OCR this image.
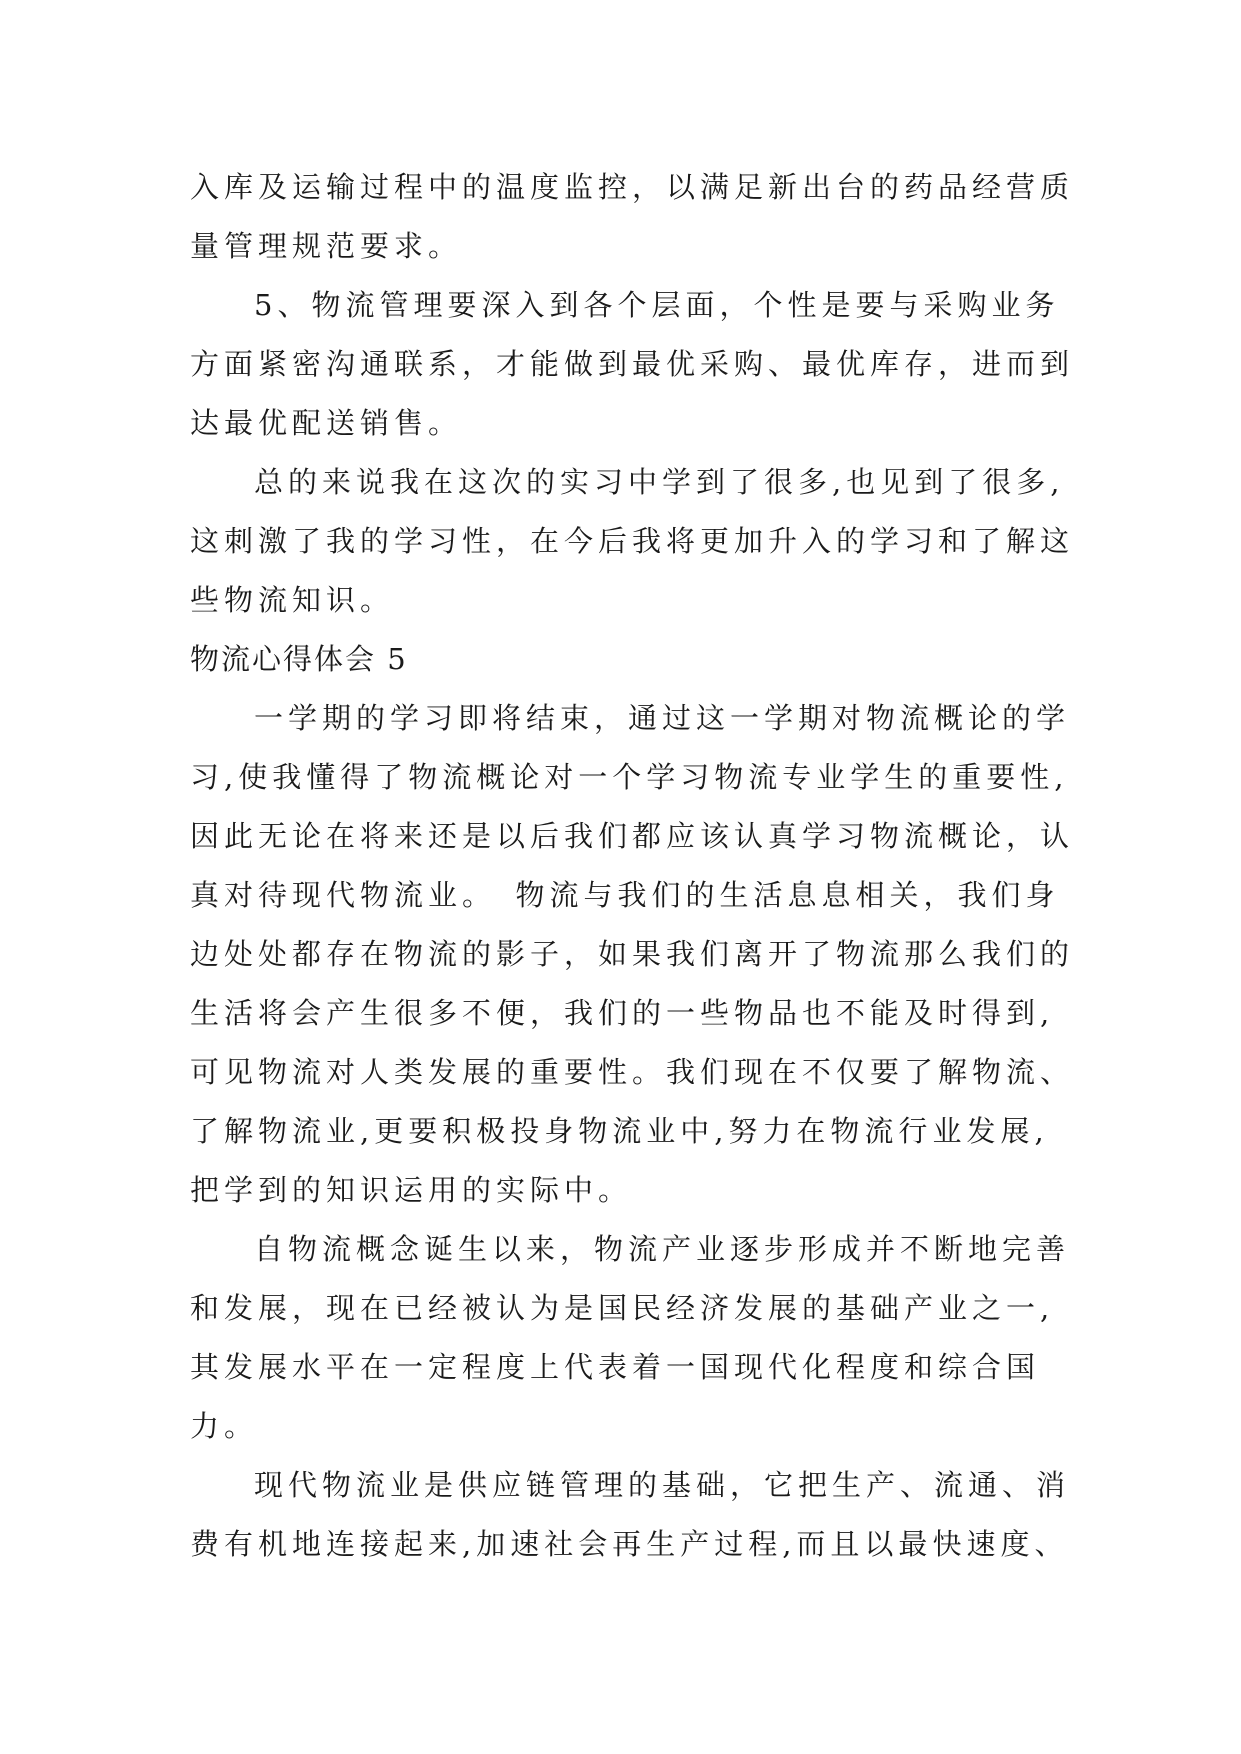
入库及运输过程中的温度监控，以满足新出台的药品经营质
量管理规范要求。
5、物流管理要深入到各个层面，个性是要与采购业务
方面紧密沟通联系，才能做到最优采购、最优库存，进而到
达最优配送销售。
总的来说我在这次的实习中学到了很多,也见到了很多,
这刺激了我的学习性，在今后我将更加升入的学习和了解这
些物流知识。
物流心得体会 5
一学期的学习即将结束，通过这一学期对物流概论的学
习,使我懂得了物流概论对一个学习物流专业学生的重要性,
因此无论在将来还是以后我们都应该认真学习物流概论，认
真对待现代物流业。　物流与我们的生活息息相关，我们身
边处处都存在物流的影子，如果我们离开了物流那么我们的
生活将会产生很多不便，我们的一些物品也不能及时得到,
可见物流对人类发展的重要性。我们现在不仅要了解物流、
了解物流业,更要积极投身物流业中,努力在物流行业发展,
把学到的知识运用的实际中。
自物流概念诞生以来，物流产业逐步形成并不断地完善
和发展，现在已经被认为是国民经济发展的基础产业之一,
其发展水平在一定程度上代表着一国现代化程度和综合国
力。
现代物流业是供应链管理的基础，它把生产、流通、消
费有机地连接起来,加速社会再生产过程,而且以最快速度、
